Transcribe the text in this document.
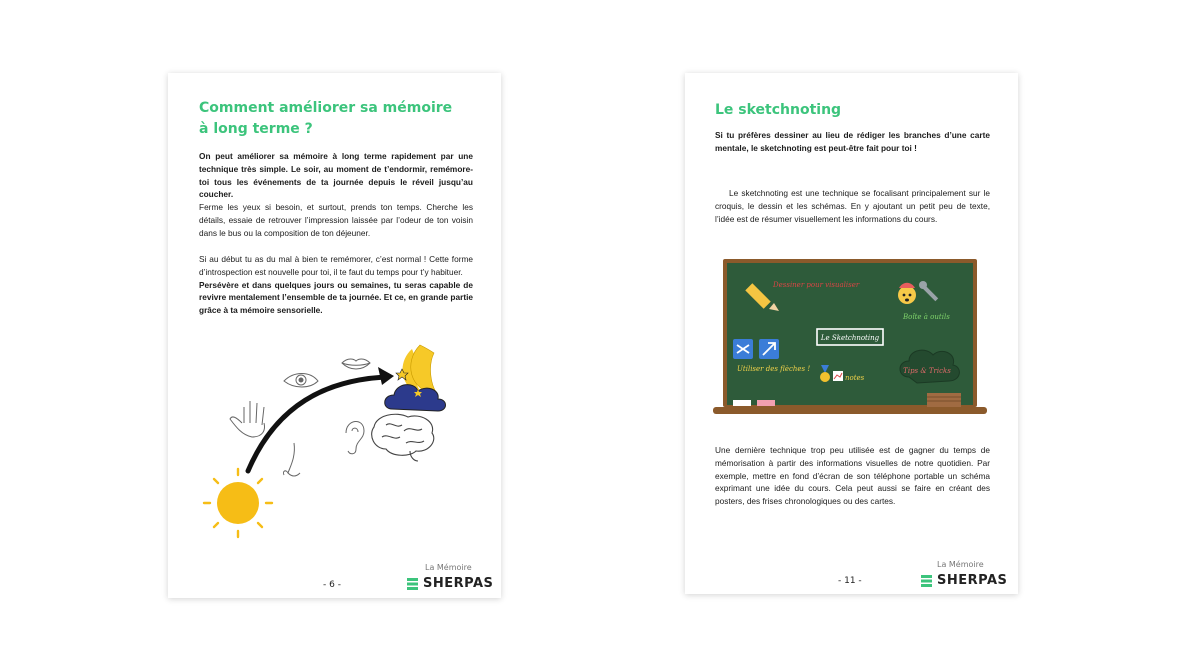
Comment améliorer sa mémoire
à long terme ?
On peut améliorer sa mémoire à long terme rapidement par une technique très simple. Le soir, au moment de t’endormir, remémore-toi tous les événements de ta journée depuis le réveil jusqu’au coucher.
Ferme les yeux si besoin, et surtout, prends ton temps. Cherche les détails, essaie de retrouver l’impression laissée par l’odeur de ton voisin dans le bus ou la composition de ton déjeuner.
Si au début tu as du mal à bien te remémorer, c’est normal ! Cette forme d’introspection est nouvelle pour toi, il te faut du temps pour t’y habituer.
Persévère et dans quelques jours ou semaines, tu seras capable de revivre mentalement l’ensemble de ta journée. Et ce, en grande partie grâce à ta mémoire sensorielle.
La Mémoire
- 6 -	SHERPAS
Le sketchnoting
Si tu préfères dessiner au lieu de rédiger les branches d’une carte mentale, le sketchnoting est peut-être fait pour toi !
Le sketchnoting est une technique se focalisant principalement sur le croquis, le dessin et les schémas. En y ajoutant un petit peu de texte, l’idée est de résumer visuellement les informations du cours.
Dessiner pour visualiser
Boîte à outils
Le Sketchnoting
Utiliser des flèches !
notes
Tips & Tricks
Une dernière technique trop peu utilisée est de gagner du temps de mémorisation à partir des informations visuelles de notre quotidien. Par exemple, mettre en fond d’écran de son téléphone portable un schéma exprimant une idée du cours. Cela peut aussi se faire en créant des posters, des frises chronologiques ou des cartes.
La Mémoire
- 11 -	SHERPAS
